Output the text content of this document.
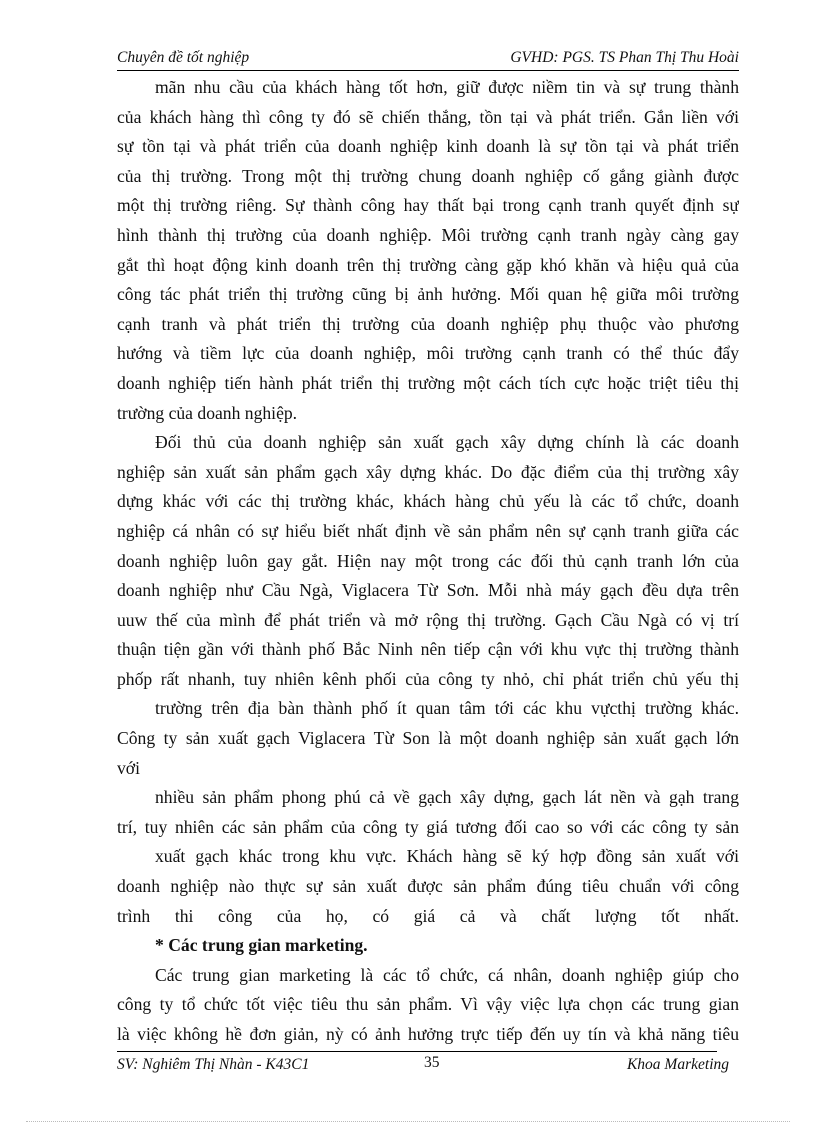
Chuyên đề tốt nghiệp	GVHD: PGS. TS Phan Thị Thu Hoài
mãn nhu cầu của khách hàng tốt hơn, giữ được niềm tin và sự trung thành
của khách hàng thì công ty đó sẽ chiến thắng, tồn tại và phát triển. Gắn liền với
sự tồn tại và phát triển của doanh nghiệp kinh doanh là sự tồn tại và phát triển
của thị trường. Trong một thị trường chung doanh nghiệp cố gắng giành được
một thị trường riêng. Sự thành công hay thất bại trong cạnh tranh quyết định sự
hình thành thị trường của doanh nghiệp. Môi trường cạnh tranh ngày càng gay
gắt thì hoạt động kinh doanh trên thị trường càng gặp khó khăn và hiệu quả của
công tác phát triển thị trường cũng bị ảnh hưởng. Mối quan hệ giữa môi trường
cạnh tranh và phát triển thị trường của doanh nghiệp phụ thuộc vào phương
hướng và tiềm lực của doanh nghiệp, môi trường cạnh tranh có thể thúc đẩy
doanh nghiệp tiến hành phát triển thị trường một cách tích cực hoặc triệt tiêu thị
trường của doanh nghiệp.
Đối thủ của doanh nghiệp sản xuất gạch xây dựng chính là các doanh
nghiệp sản xuất sản phẩm gạch xây dựng khác. Do đặc điểm của thị trường xây
dựng khác với các thị trường khác, khách hàng chủ yếu là các tổ chức, doanh
nghiệp cá nhân có sự hiểu biết nhất định về sản phẩm nên sự cạnh tranh giữa các
doanh nghiệp luôn gay gắt. Hiện nay một trong các đối thủ cạnh tranh lớn của
doanh nghiệp như Cầu Ngà, Viglacera Từ Sơn. Mỗi nhà máy gạch đều dựa trên
uuw thế của mình để phát triển và mở rộng thị trường. Gạch Cầu Ngà có vị trí
thuận tiện gần với thành phố Bắc Ninh nên tiếp cận với khu vực thị trường thành
phốp rất nhanh, tuy nhiên kênh phối của công ty nhỏ, chỉ phát triển chủ yếu thị
trường trên địa bàn thành phố ít quan tâm tới các khu vựcthị trường khác.
Công ty sản xuất gạch Viglacera Từ Son là một doanh nghiệp sản xuất gạch lớn
với
nhiều sản phẩm phong phú cả về gạch xây dựng, gạch lát nền và gạh trang
trí, tuy nhiên các sản phẩm của công ty giá tương đối cao so với các công ty sản
xuất gạch khác trong khu vực. Khách hàng sẽ ký hợp đồng sản xuất với
doanh nghiệp nào thực sự sản xuất được sản phẩm đúng tiêu chuẩn với công
trình thi công của họ, có giá cả và chất lượng tốt nhất.
* Các trung gian marketing.
Các trung gian marketing là các tổ chức, cá nhân, doanh nghiệp giúp cho
công ty tổ chức tốt việc tiêu thu sản phẩm. Vì vậy việc lựa chọn các trung gian
là việc không hề đơn giản, nỳ có ảnh hưởng trực tiếp đến uy tín và khả năng tiêu
SV: Nghiêm Thị Nhàn - K43C1	35	Khoa Marketing
